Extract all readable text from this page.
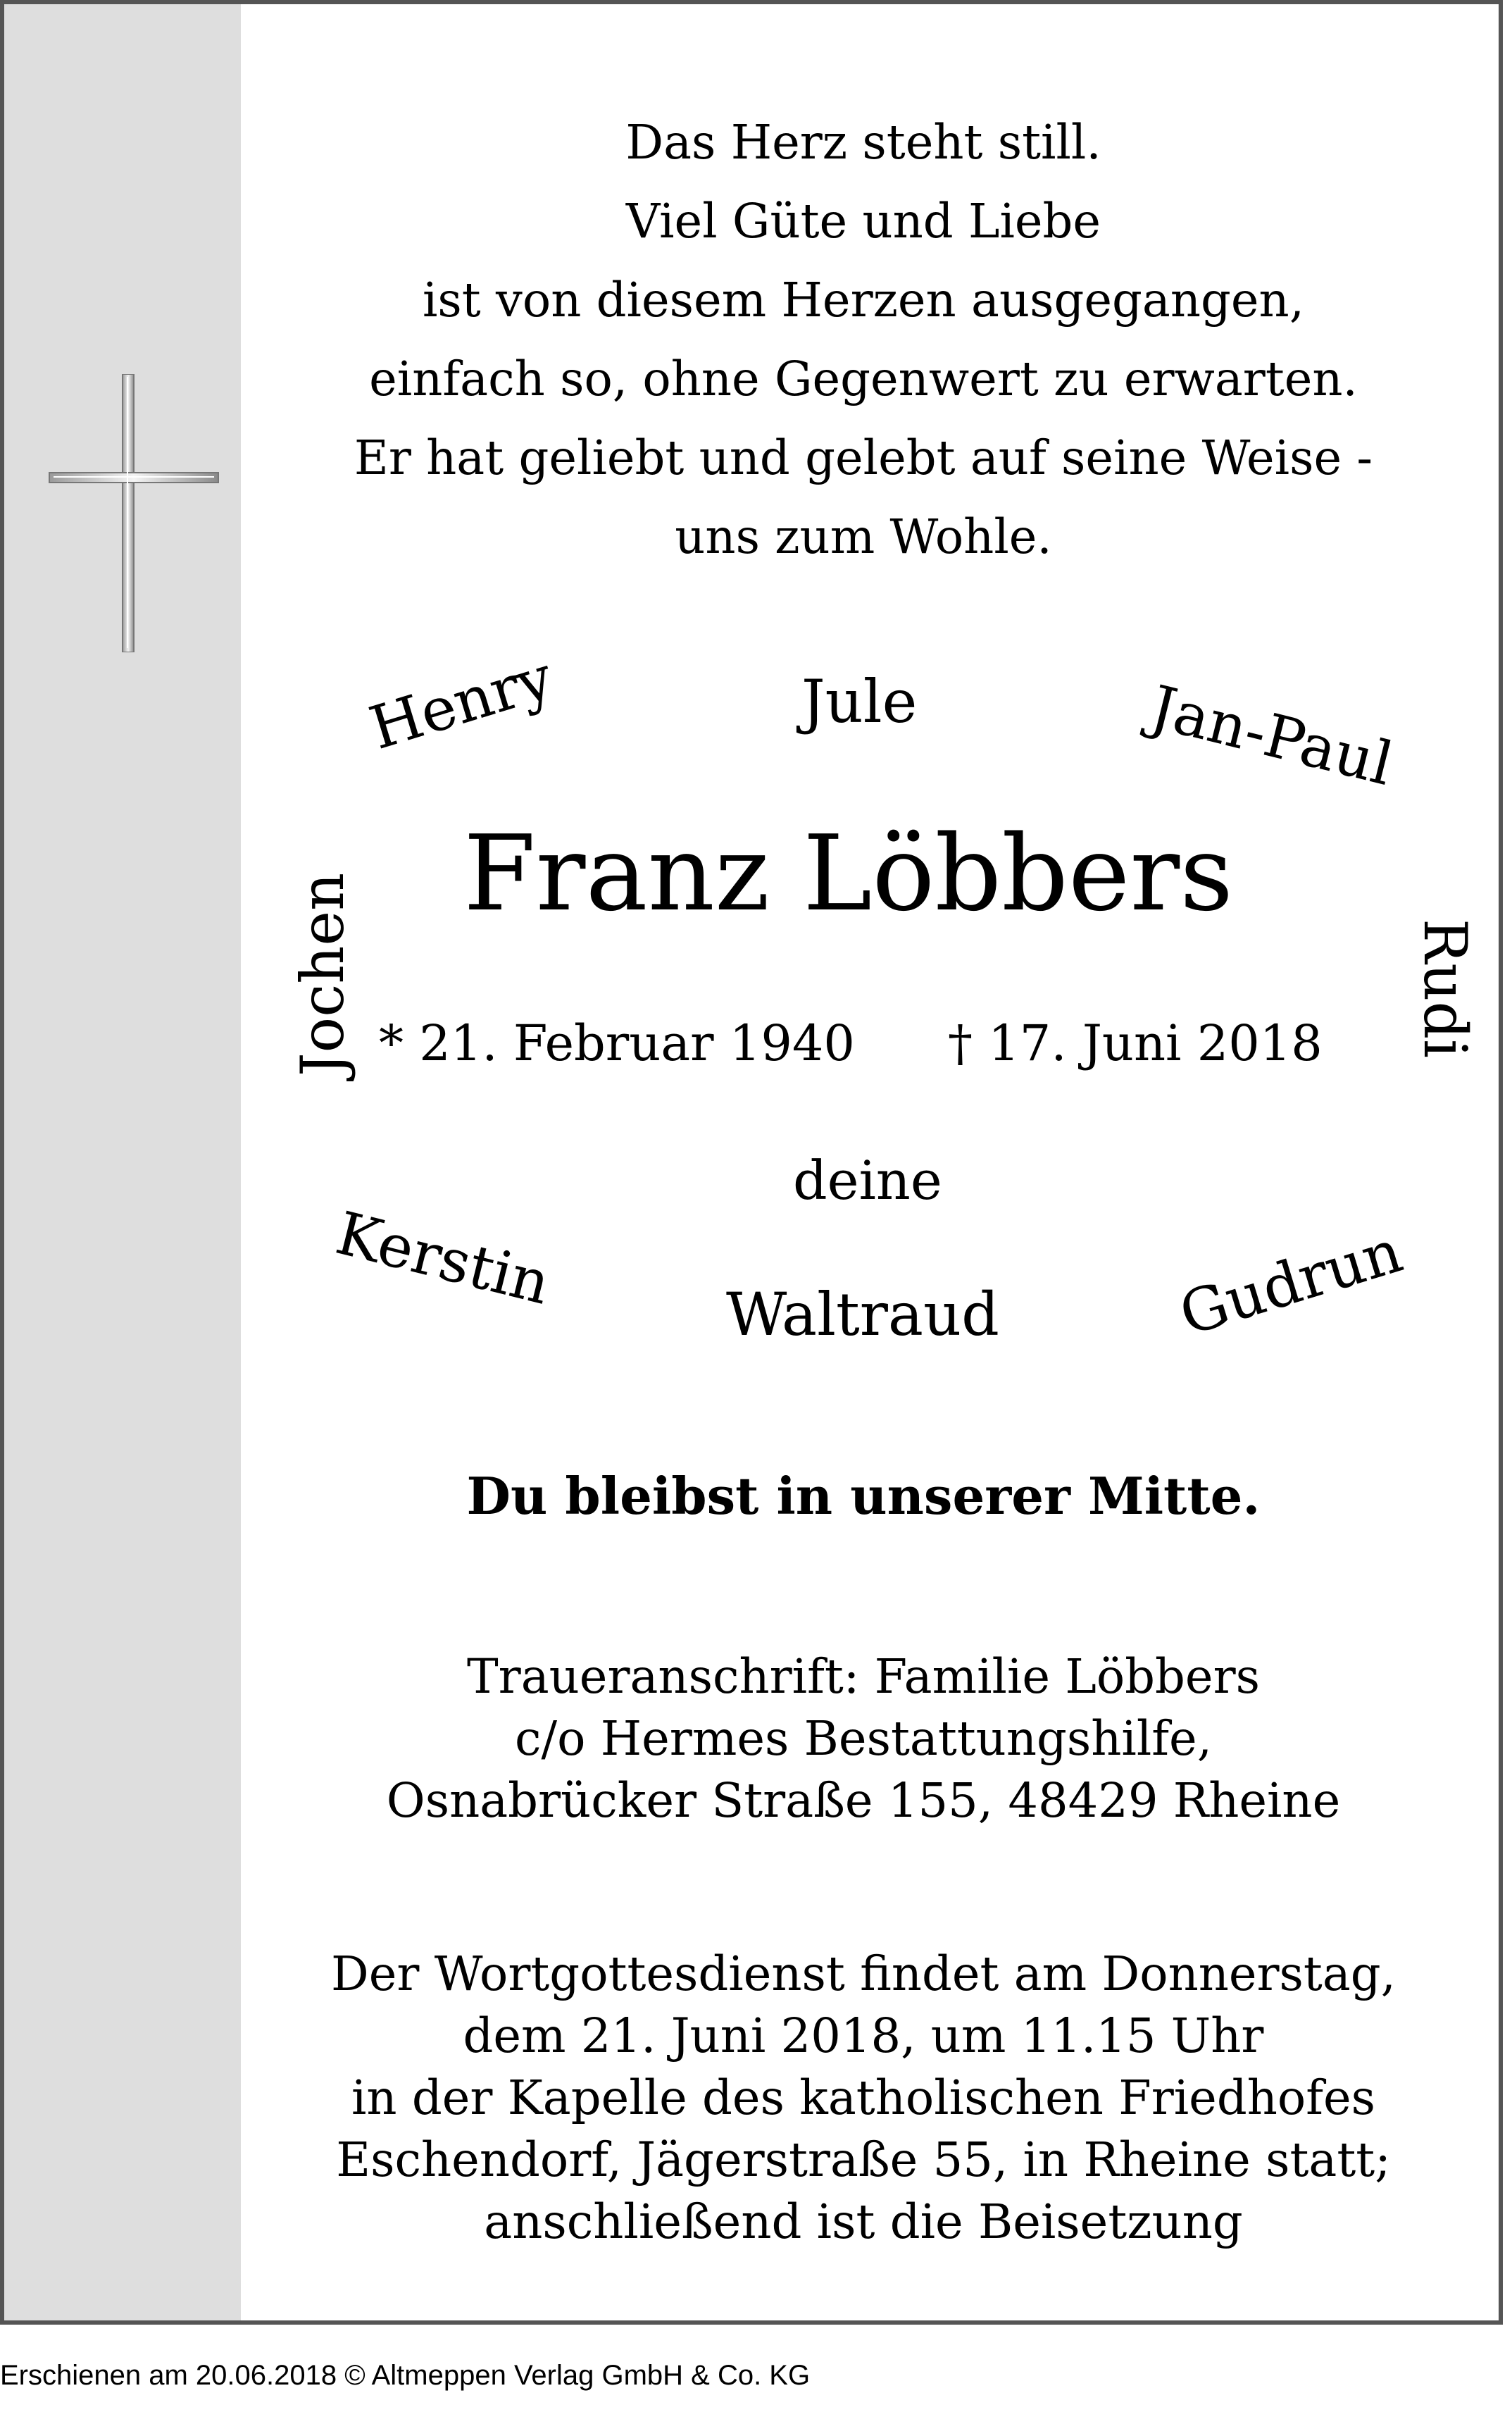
Das Herz steht still.
Viel Güte und Liebe
ist von diesem Herzen ausgegangen,
einfach so, ohne Gegenwert zu erwarten.
Er hat geliebt und gelebt auf seine Weise -
uns zum Wohle.
Henry	Jule	Jan-Paul
Jochen	Rudi
Franz Löbbers
* 21. Februar 1940 † 17. Juni 2018
deine
Kerstin	Waltraud	Gudrun
Du bleibst in unserer Mitte.
Traueranschrift: Familie Löbbers
c/o Hermes Bestattungshilfe,
Osnabrücker Straße 155, 48429 Rheine
Der Wortgottesdienst findet am Donnerstag,
dem 21. Juni 2018, um 11.15 Uhr
in der Kapelle des katholischen Friedhofes
Eschendorf, Jägerstraße 55, in Rheine statt;
anschließend ist die Beisetzung
Erschienen am 20.06.2018 © Altmeppen Verlag GmbH & Co. KG
